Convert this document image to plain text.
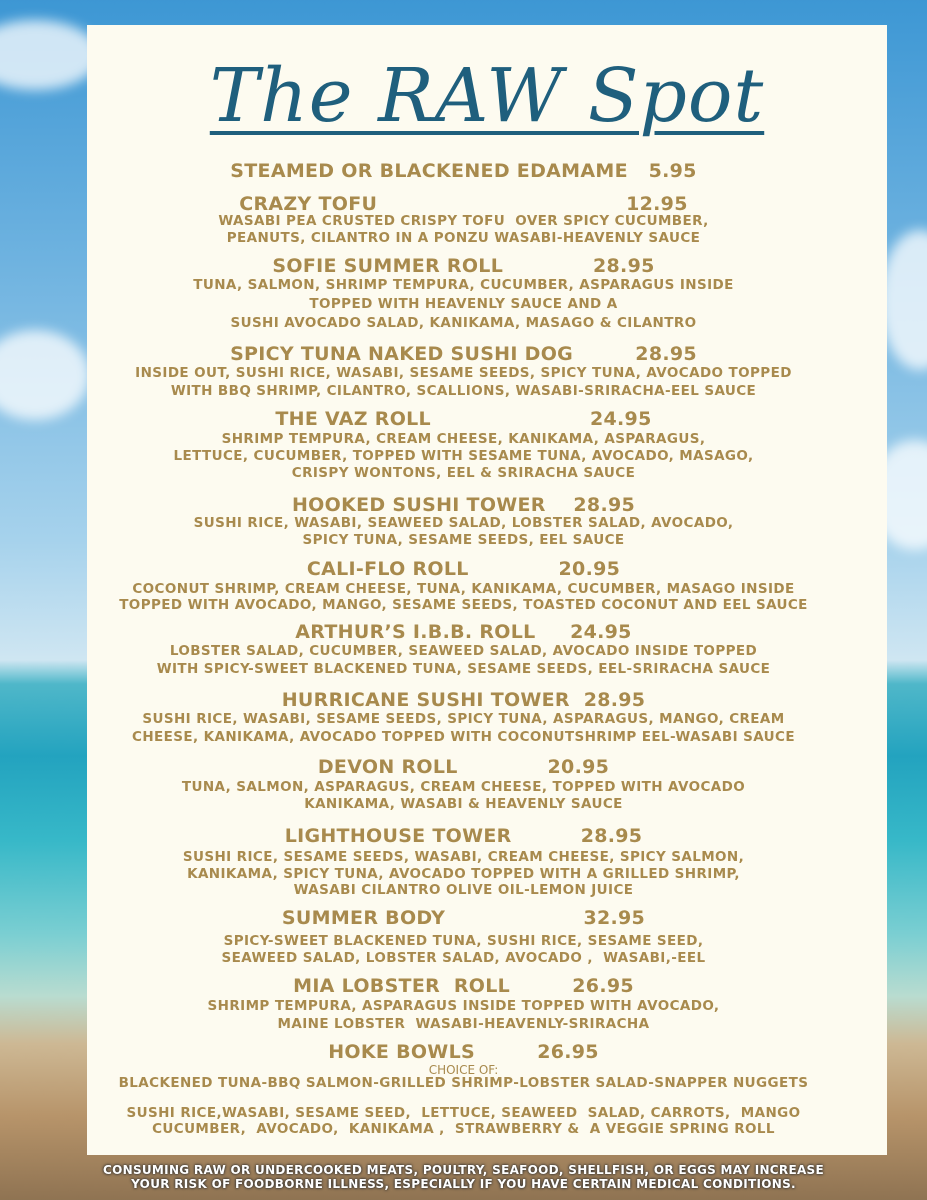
The RAW Spot
STEAMED OR BLACKENED EDAMAME   5.95
CRAZY TOFU                                    12.95
WASABI PEA CRUSTED CRISPY TOFU  OVER SPICY CUCUMBER,
PEANUTS, CILANTRO IN A PONZU WASABI-HEAVENLY SAUCE
SOFIE SUMMER ROLL             28.95
TUNA, SALMON, SHRIMP TEMPURA, CUCUMBER, ASPARAGUS INSIDE
TOPPED WITH HEAVENLY SAUCE AND A
SUSHI AVOCADO SALAD, KANIKAMA, MASAGO & CILANTRO
SPICY TUNA NAKED SUSHI DOG         28.95
INSIDE OUT, SUSHI RICE, WASABI, SESAME SEEDS, SPICY TUNA, AVOCADO TOPPED
WITH BBQ SHRIMP, CILANTRO, SCALLIONS, WASABI-SRIRACHA-EEL SAUCE
THE VAZ ROLL                       24.95
SHRIMP TEMPURA, CREAM CHEESE, KANIKAMA, ASPARAGUS,
LETTUCE, CUCUMBER, TOPPED WITH SESAME TUNA, AVOCADO, MASAGO,
CRISPY WONTONS, EEL & SRIRACHA SAUCE
HOOKED SUSHI TOWER    28.95
SUSHI RICE, WASABI, SEAWEED SALAD, LOBSTER SALAD, AVOCADO,
SPICY TUNA, SESAME SEEDS, EEL SAUCE
CALI-FLO ROLL             20.95
COCONUT SHRIMP, CREAM CHEESE, TUNA, KANIKAMA, CUCUMBER, MASAGO INSIDE
TOPPED WITH AVOCADO, MANGO, SESAME SEEDS, TOASTED COCONUT AND EEL SAUCE
ARTHUR’S I.B.B. ROLL     24.95
LOBSTER SALAD, CUCUMBER, SEAWEED SALAD, AVOCADO INSIDE TOPPED
WITH SPICY-SWEET BLACKENED TUNA, SESAME SEEDS, EEL-SRIRACHA SAUCE
HURRICANE SUSHI TOWER  28.95
SUSHI RICE, WASABI, SESAME SEEDS, SPICY TUNA, ASPARAGUS, MANGO, CREAM
CHEESE, KANIKAMA, AVOCADO TOPPED WITH COCONUTSHRIMP EEL-WASABI SAUCE
DEVON ROLL             20.95
TUNA, SALMON, ASPARAGUS, CREAM CHEESE, TOPPED WITH AVOCADO
KANIKAMA, WASABI & HEAVENLY SAUCE
LIGHTHOUSE TOWER          28.95
SUSHI RICE, SESAME SEEDS, WASABI, CREAM CHEESE, SPICY SALMON,
KANIKAMA, SPICY TUNA, AVOCADO TOPPED WITH A GRILLED SHRIMP,
WASABI CILANTRO OLIVE OIL-LEMON JUICE
SUMMER BODY                    32.95
SPICY-SWEET BLACKENED TUNA, SUSHI RICE, SESAME SEED,
SEAWEED SALAD, LOBSTER SALAD, AVOCADO ,  WASABI,-EEL
MIA LOBSTER  ROLL         26.95
SHRIMP TEMPURA, ASPARAGUS INSIDE TOPPED WITH AVOCADO,
MAINE LOBSTER  WASABI-HEAVENLY-SRIRACHA
HOKE BOWLS         26.95
CHOICE OF:
BLACKENED TUNA-BBQ SALMON-GRILLED SHRIMP-LOBSTER SALAD-SNAPPER NUGGETS
SUSHI RICE,WASABI, SESAME SEED,  LETTUCE, SEAWEED  SALAD, CARROTS,  MANGO
CUCUMBER,  AVOCADO,  KANIKAMA ,  STRAWBERRY &  A VEGGIE SPRING ROLL
CONSUMING RAW OR UNDERCOOKED MEATS, POULTRY, SEAFOOD, SHELLFISH, OR EGGS MAY INCREASE
YOUR RISK OF FOODBORNE ILLNESS, ESPECIALLY IF YOU HAVE CERTAIN MEDICAL CONDITIONS.
